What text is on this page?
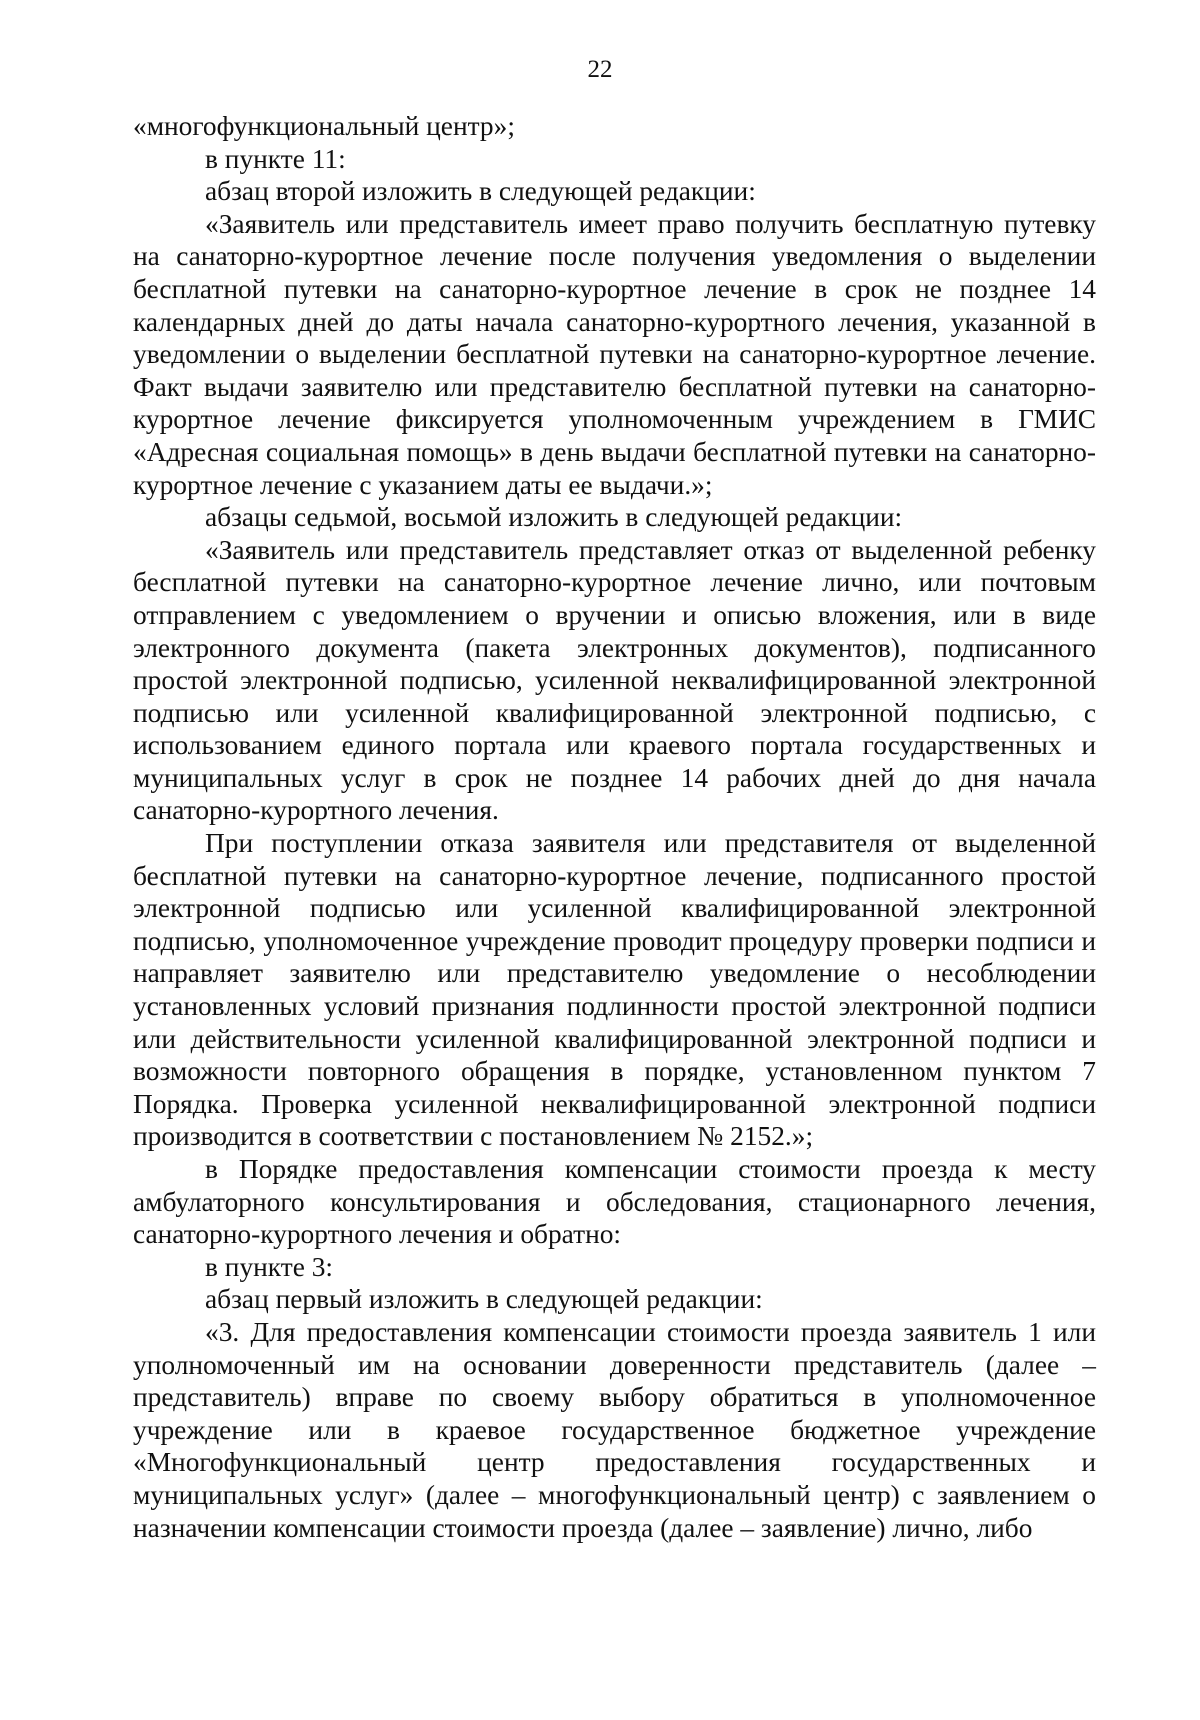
22

«многофункциональный центр»;

в пункте 11:

абзац второй изложить в следующей редакции:

«Заявитель или представитель имеет право получить бесплатную путевку на санаторно-курортное лечение после получения уведомления о выделении бесплатной путевки на санаторно-курортное лечение в срок не позднее 14 календарных дней до даты начала санаторно-курортного лечения, указанной в уведомлении о выделении бесплатной путевки на санаторно-курортное лечение. Факт выдачи заявителю или представителю бесплатной путевки на санаторно-курортное лечение фиксируется уполномоченным учреждением в ГМИС «Адресная социальная помощь» в день выдачи бесплатной путевки на санаторно-курортное лечение с указанием даты ее выдачи.»;

абзацы седьмой, восьмой изложить в следующей редакции:

«Заявитель или представитель представляет отказ от выделенной ребенку бесплатной путевки на санаторно-курортное лечение лично, или почтовым отправлением с уведомлением о вручении и описью вложения, или в виде электронного документа (пакета электронных документов), подписанного простой электронной подписью, усиленной неквалифицированной электронной подписью или усиленной квалифицированной электронной подписью, с использованием единого портала или краевого портала государственных и муниципальных услуг в срок не позднее 14 рабочих дней до дня начала санаторно-курортного лечения.

При поступлении отказа заявителя или представителя от выделенной бесплатной путевки на санаторно-курортное лечение, подписанного простой электронной подписью или усиленной квалифицированной электронной подписью, уполномоченное учреждение проводит процедуру проверки подписи и направляет заявителю или представителю уведомление о несоблюдении установленных условий признания подлинности простой электронной подписи или действительности усиленной квалифицированной электронной подписи и возможности повторного обращения в порядке, установленном пунктом 7 Порядка. Проверка усиленной неквалифицированной электронной подписи производится в соответствии с постановлением № 2152.»;

в Порядке предоставления компенсации стоимости проезда к месту амбулаторного консультирования и обследования, стационарного лечения, санаторно-курортного лечения и обратно:

в пункте 3:

абзац первый изложить в следующей редакции:

«3. Для предоставления компенсации стоимости проезда заявитель 1 или уполномоченный им на основании доверенности представитель (далее – представитель) вправе по своему выбору обратиться в уполномоченное учреждение или в краевое государственное бюджетное учреждение «Многофункциональный центр предоставления государственных и муниципальных услуг» (далее – многофункциональный центр) с заявлением о назначении компенсации стоимости проезда (далее – заявление) лично, либо
